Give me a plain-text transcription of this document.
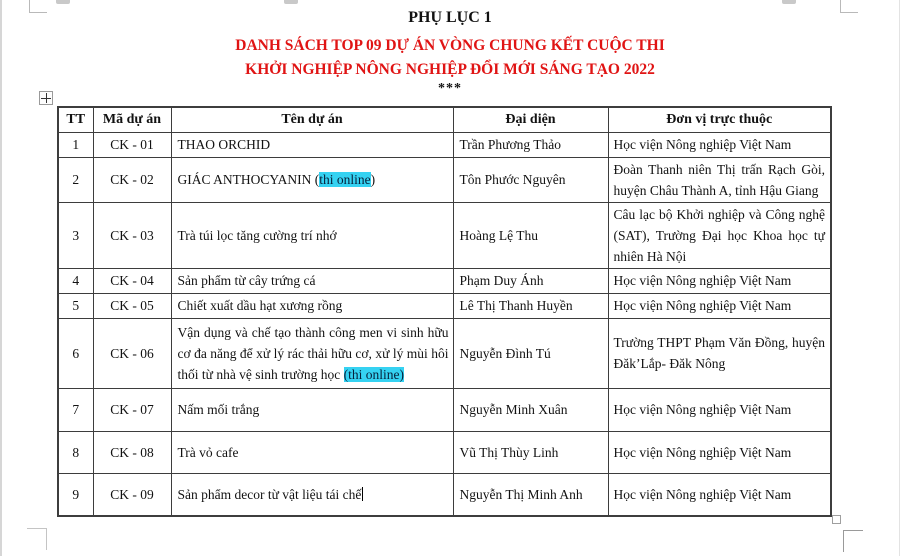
PHỤ LỤC 1
DANH SÁCH TOP 09 DỰ ÁN VÒNG CHUNG KẾT CUỘC THI
KHỞI NGHIỆP NÔNG NGHIỆP ĐỔI MỚI SÁNG TẠO 2022
***
TT	Mã dự án	Tên dự án	Đại diện	Đơn vị trực thuộc
1	CK - 01	THAO ORCHID	Trần Phương Thảo	Học viện Nông nghiệp Việt Nam
2	CK - 02	GIÁC ANTHOCYANIN (thi online)	Tôn Phước Nguyên	Đoàn Thanh niên Thị trấn Rạch Gòi, huyện Châu Thành A, tỉnh Hậu Giang
3	CK - 03	Trà túi lọc tăng cường trí nhớ	Hoàng Lệ Thu	Câu lạc bộ Khởi nghiệp và Công nghệ (SAT), Trường Đại học Khoa học tự nhiên Hà Nội
4	CK - 04	Sản phẩm từ cây trứng cá	Phạm Duy Ánh	Học viện Nông nghiệp Việt Nam
5	CK - 05	Chiết xuất dầu hạt xương rồng	Lê Thị Thanh Huyền	Học viện Nông nghiệp Việt Nam
6	CK - 06	Vận dụng và chế tạo thành công men vi sinh hữu cơ đa năng để xử lý rác thải hữu cơ, xử lý mùi hôi thối từ nhà vệ sinh trường học (thi online)	Nguyễn Đình Tú	Trường THPT Phạm Văn Đồng, huyện Đăk’Lắp- Đăk Nông
7	CK - 07	Nấm mối trắng	Nguyễn Minh Xuân	Học viện Nông nghiệp Việt Nam
8	CK - 08	Trà vỏ cafe	Vũ Thị Thùy Linh	Học viện Nông nghiệp Việt Nam
9	CK - 09	Sản phẩm decor từ vật liệu tái chế	Nguyễn Thị Minh Anh	Học viện Nông nghiệp Việt Nam
